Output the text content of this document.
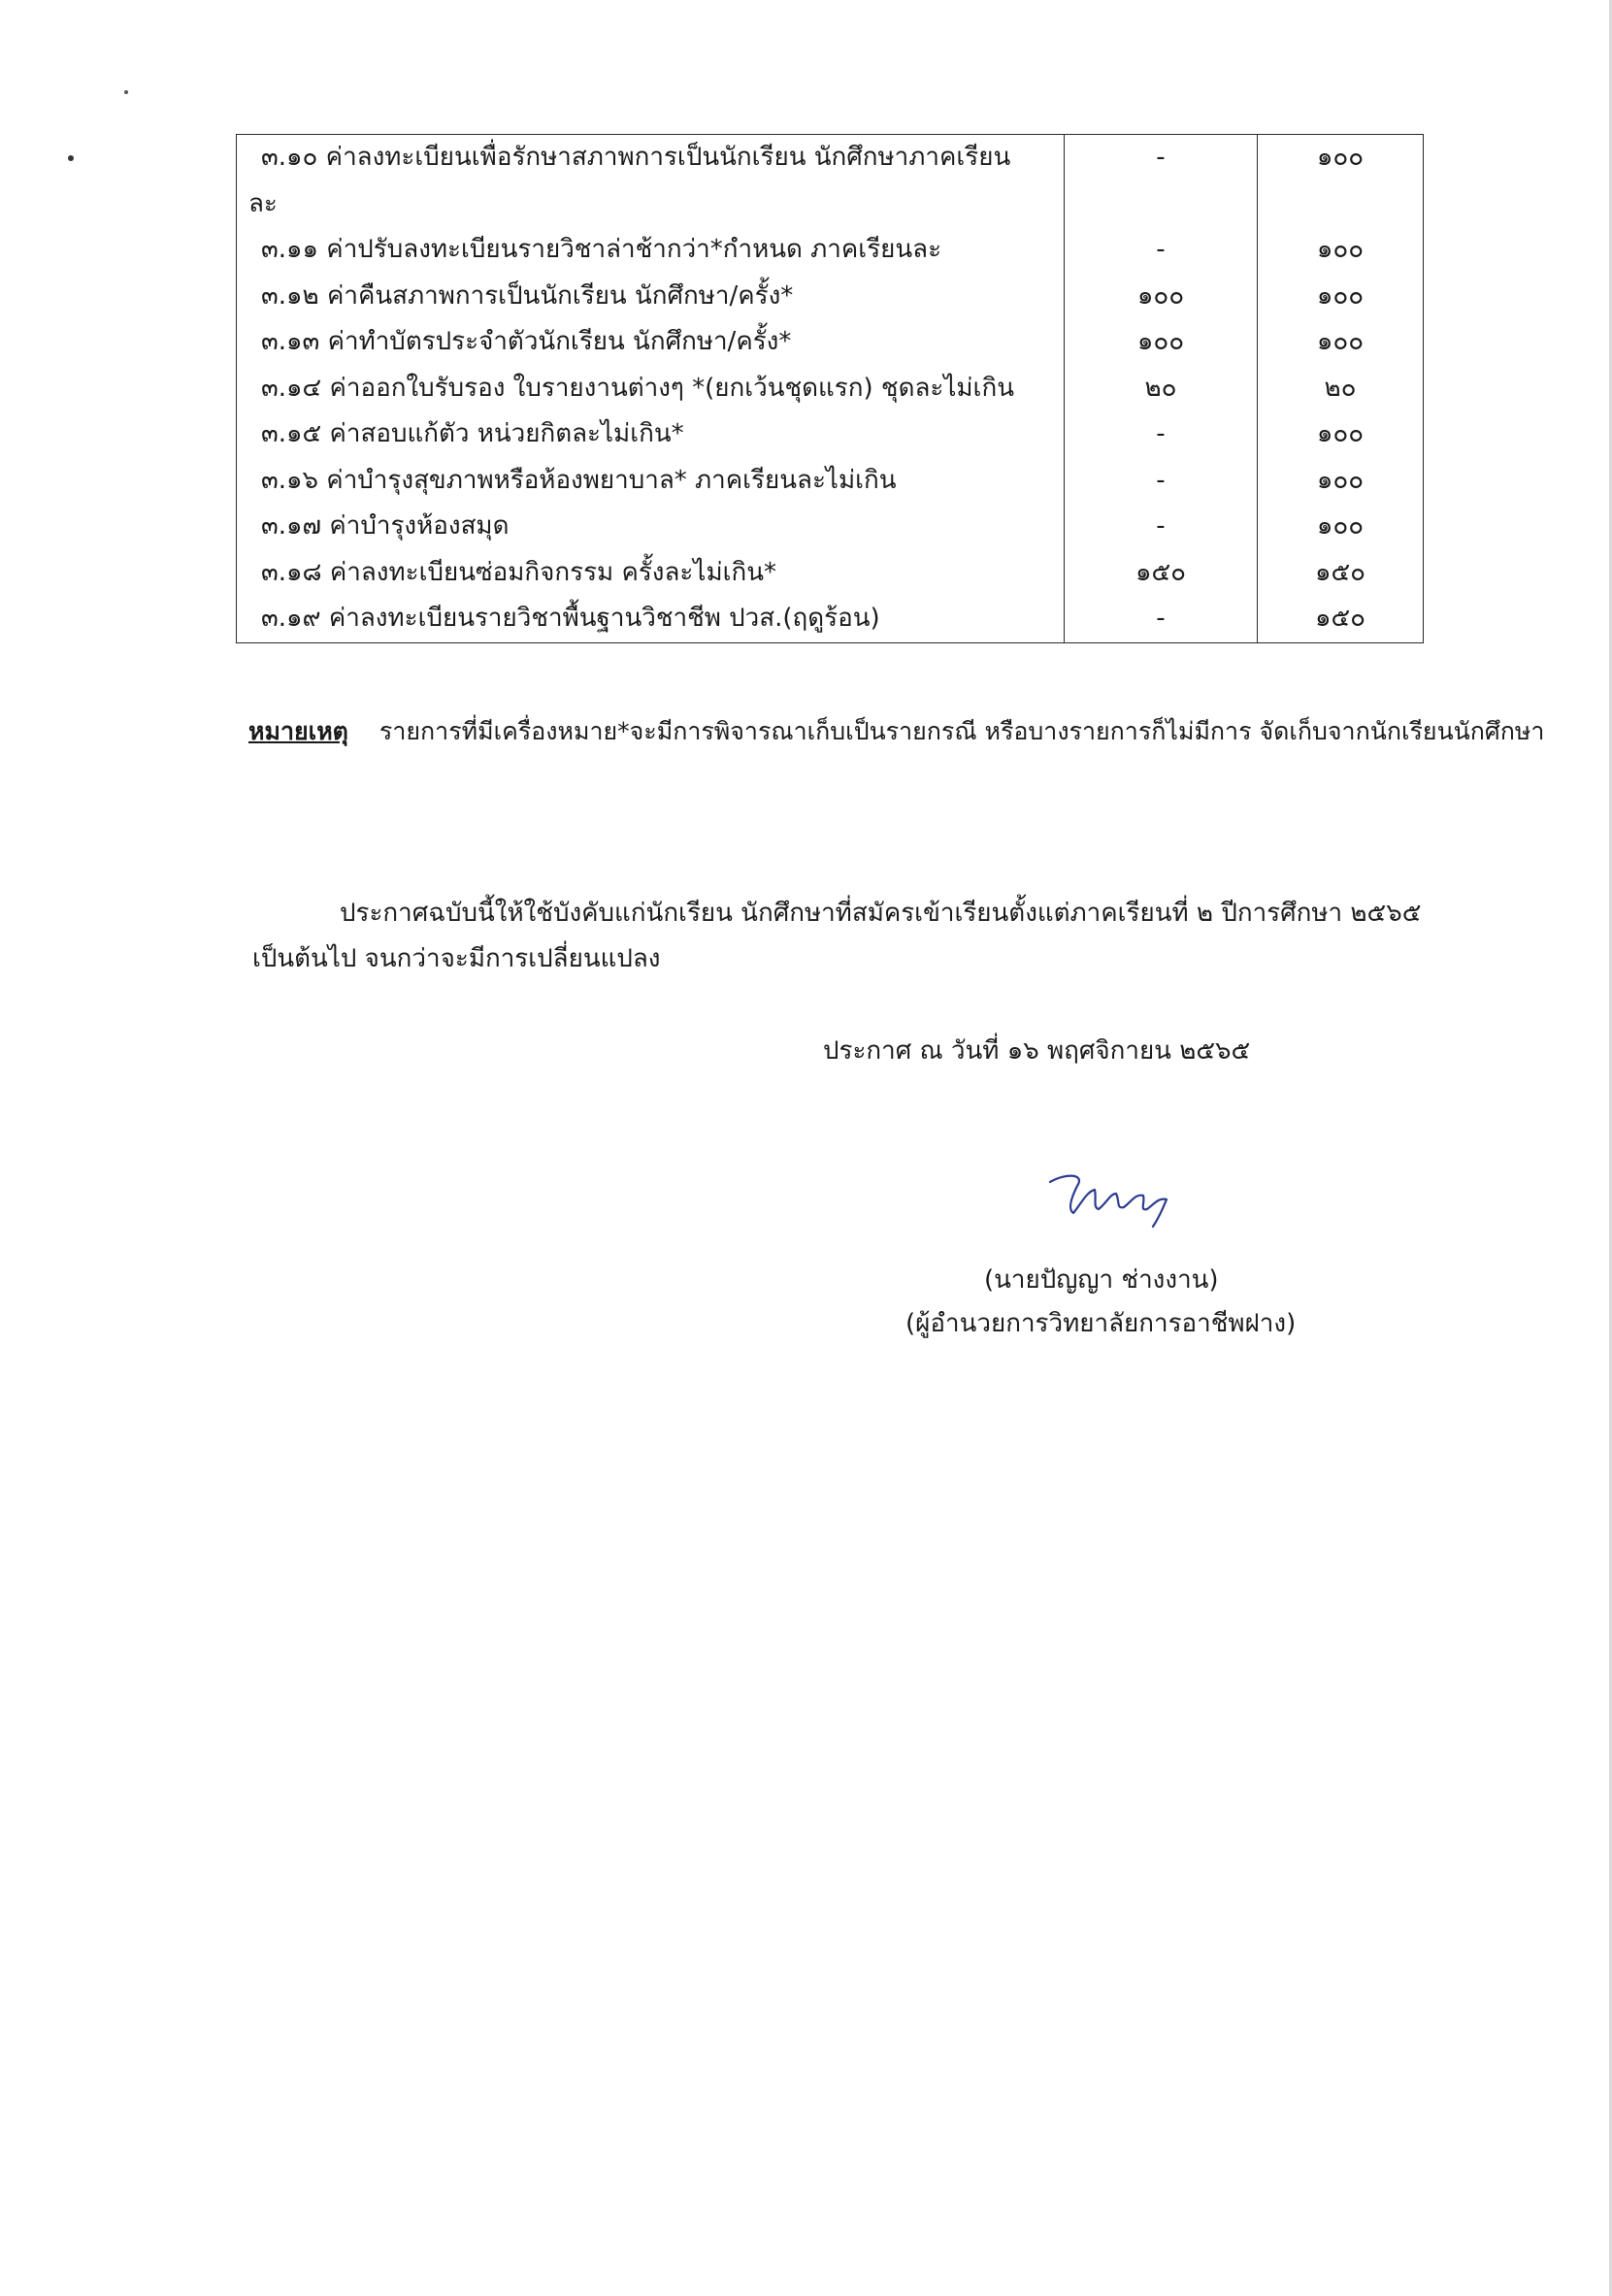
๓.๑๐ ค่าลงทะเบียนเพื่อรักษาสภาพการเป็นนักเรียน นักศึกษาภาคเรียน	-	๑๐๐
ละ		
๓.๑๑ ค่าปรับลงทะเบียนรายวิชาล่าช้ากว่า*กำหนด ภาคเรียนละ	-	๑๐๐
๓.๑๒ ค่าคืนสภาพการเป็นนักเรียน นักศึกษา/ครั้ง*	๑๐๐	๑๐๐
๓.๑๓ ค่าทำบัตรประจำตัวนักเรียน นักศึกษา/ครั้ง*	๑๐๐	๑๐๐
๓.๑๔ ค่าออกใบรับรอง ใบรายงานต่างๆ *(ยกเว้นชุดแรก) ชุดละไม่เกิน	๒๐	๒๐
๓.๑๕ ค่าสอบแก้ตัว หน่วยกิตละไม่เกิน*	-	๑๐๐
๓.๑๖ ค่าบำรุงสุขภาพหรือห้องพยาบาล* ภาคเรียนละไม่เกิน	-	๑๐๐
๓.๑๗ ค่าบำรุงห้องสมุด	-	๑๐๐
๓.๑๘ ค่าลงทะเบียนซ่อมกิจกรรม ครั้งละไม่เกิน*	๑๕๐	๑๕๐
๓.๑๙ ค่าลงทะเบียนรายวิชาพื้นฐานวิชาชีพ ปวส.(ฤดูร้อน)	-	๑๕๐
หมายเหตุ รายการที่มีเครื่องหมาย*จะมีการพิจารณาเก็บเป็นรายกรณี หรือบางรายการก็ไม่มีการ จัดเก็บจากนักเรียนนักศึกษา
ประกาศฉบับนี้ให้ใช้บังคับแก่นักเรียน นักศึกษาที่สมัครเข้าเรียนตั้งแต่ภาคเรียนที่ ๒ ปีการศึกษา ๒๕๖๕
เป็นต้นไป จนกว่าจะมีการเปลี่ยนแปลง
ประกาศ ณ วันที่ ๑๖ พฤศจิกายน ๒๕๖๕
(นายปัญญา ช่างงาน)
(ผู้อำนวยการวิทยาลัยการอาชีพฝาง)
